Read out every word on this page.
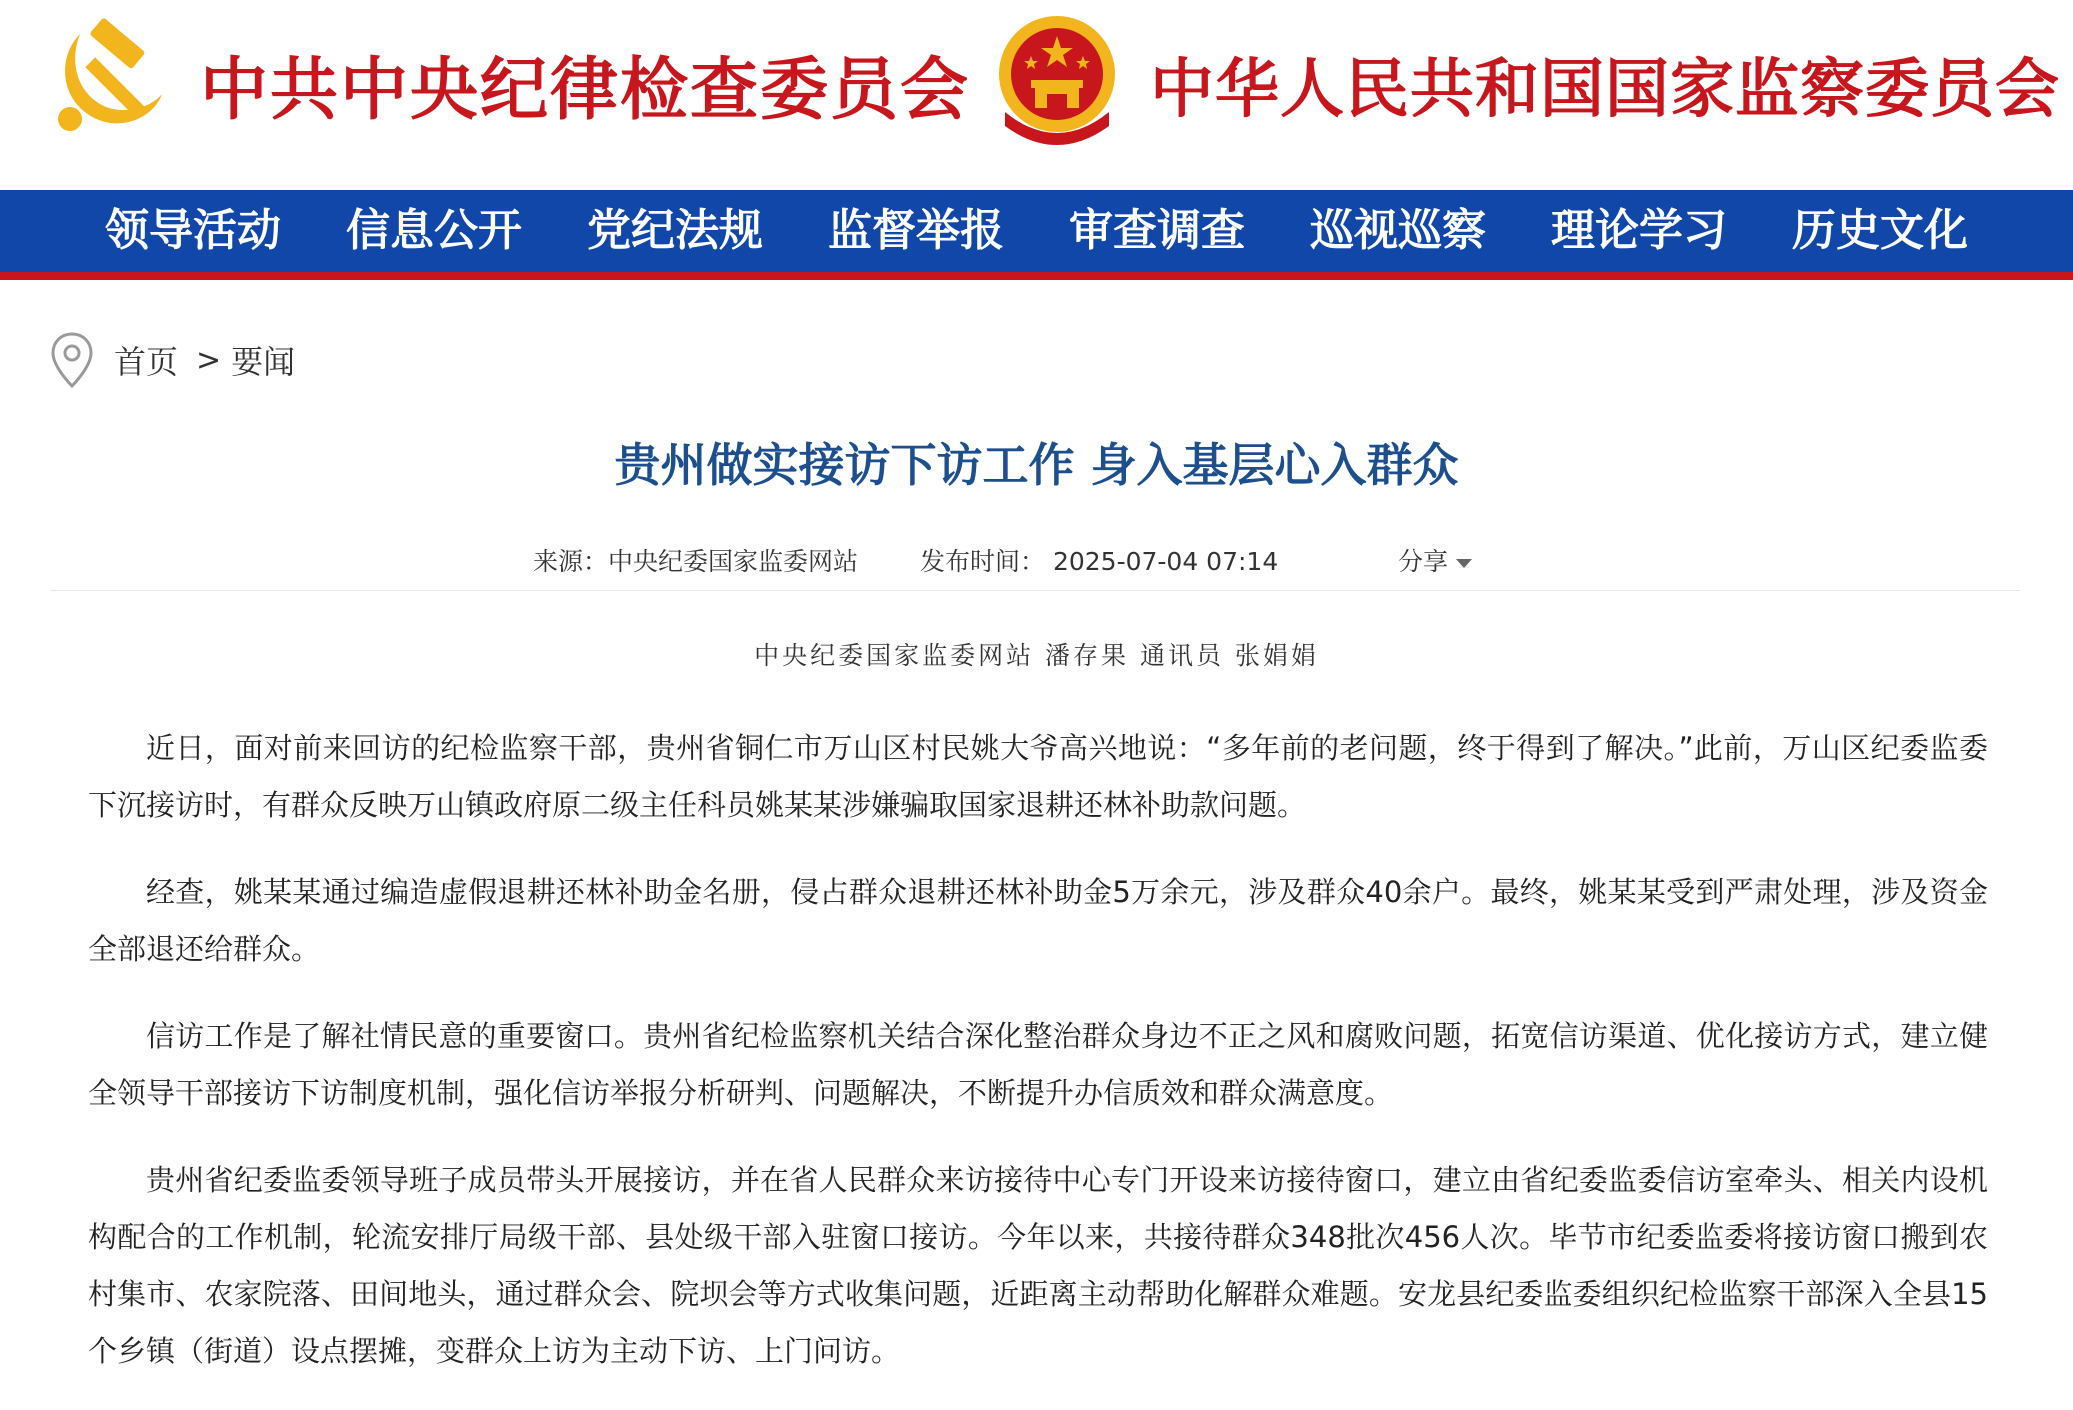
中共中央纪律检查委员会	中华人民共和国国家监察委员会
领导活动	信息公开	党纪法规	监督举报	审查调查	巡视巡察	理论学习	历史文化
首页 > 要闻
贵州做实接访下访工作 身入基层心入群众
来源：中央纪委国家监委网站 发布时间： 2025-07-04 07:14	分享
中央纪委国家监委网站 潘存果 通讯员 张娟娟

近日，面对前来回访的纪检监察干部，贵州省铜仁市万山区村民姚大爷高兴地说：“多年前的老问题，终于得到了解决。”此前，万山区纪委监委下沉接访时，有群众反映万山镇政府原二级主任科员姚某某涉嫌骗取国家退耕还林补助款问题。

经查，姚某某通过编造虚假退耕还林补助金名册，侵占群众退耕还林补助金5万余元，涉及群众40余户。最终，姚某某受到严肃处理，涉及资金全部退还给群众。

信访工作是了解社情民意的重要窗口。贵州省纪检监察机关结合深化整治群众身边不正之风和腐败问题，拓宽信访渠道、优化接访方式，建立健全领导干部接访下访制度机制，强化信访举报分析研判、问题解决，不断提升办信质效和群众满意度。

贵州省纪委监委领导班子成员带头开展接访，并在省人民群众来访接待中心专门开设来访接待窗口，建立由省纪委监委信访室牵头、相关内设机构配合的工作机制，轮流安排厅局级干部、县处级干部入驻窗口接访。今年以来，共接待群众348批次456人次。毕节市纪委监委将接访窗口搬到农村集市、农家院落、田间地头，通过群众会、院坝会等方式收集问题，近距离主动帮助化解群众难题。安龙县纪委监委组织纪检监察干部深入全县15个乡镇（街道）设点摆摊，变群众上访为主动下访、上门问访。
